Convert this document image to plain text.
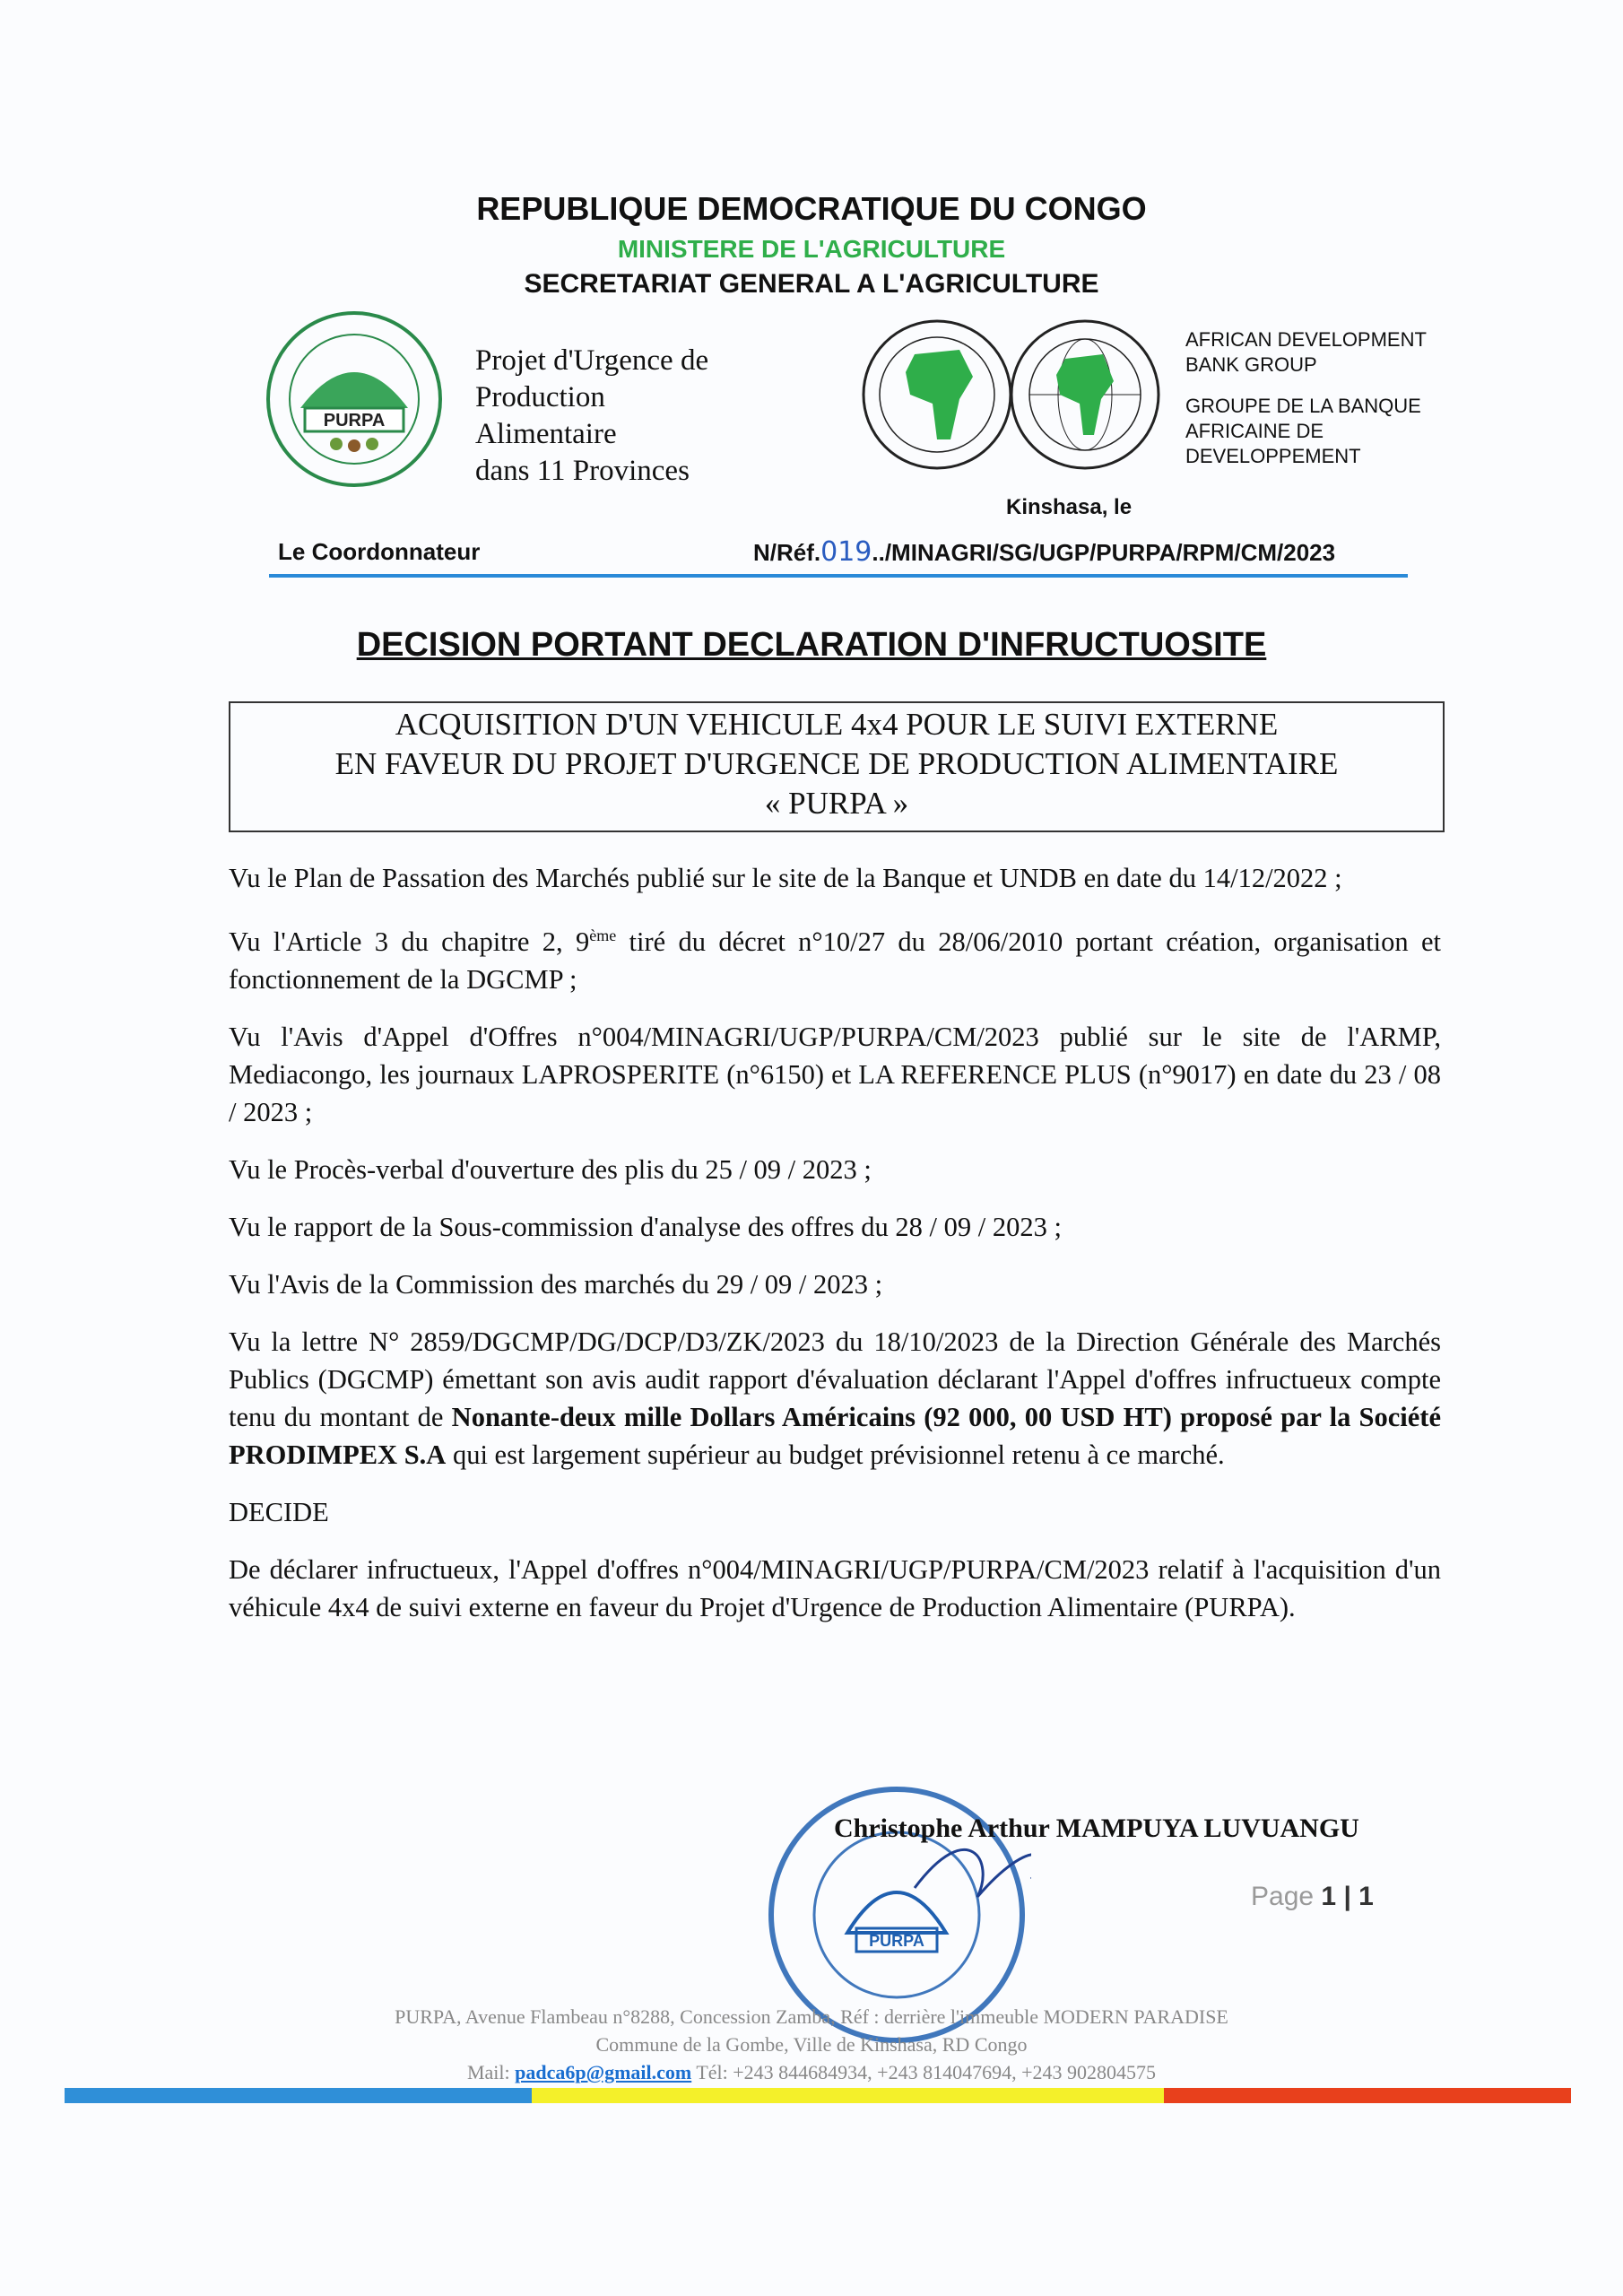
REPUBLIQUE DEMOCRATIQUE DU CONGO
MINISTERE DE L'AGRICULTURE
SECRETARIAT GENERAL A L'AGRICULTURE
PURPA
Projet d'Urgence de
Production
Alimentaire
dans 11 Provinces
AFRICAN DEVELOPMENT
BANK GROUP
GROUPE DE LA BANQUE
AFRICAINE DE
DEVELOPPEMENT
Kinshasa, le
Le Coordonnateur	N/Réf.019../MINAGRI/SG/UGP/PURPA/RPM/CM/2023
DECISION PORTANT DECLARATION D'INFRUCTUOSITE
ACQUISITION D'UN VEHICULE 4x4 POUR LE SUIVI EXTERNE
EN FAVEUR DU PROJET D'URGENCE DE PRODUCTION ALIMENTAIRE
« PURPA »

Vu le Plan de Passation des Marchés publié sur le site de la Banque et UNDB en date du 14/12/2022 ;

Vu l'Article 3 du chapitre 2, 9ème tiré du décret n°10/27 du 28/06/2010 portant création, organisation et fonctionnement de la DGCMP ;

Vu l'Avis d'Appel d'Offres n°004/MINAGRI/UGP/PURPA/CM/2023 publié sur le site de l'ARMP, Mediacongo, les journaux LAPROSPERITE (n°6150) et LA REFERENCE PLUS (n°9017) en date du 23 / 08 / 2023 ;

Vu le Procès-verbal d'ouverture des plis du 25 / 09 / 2023 ;

Vu le rapport de la Sous-commission d'analyse des offres du 28 / 09 / 2023 ;

Vu l'Avis de la Commission des marchés du 29 / 09 / 2023 ;

Vu la lettre N° 2859/DGCMP/DG/DCP/D3/ZK/2023 du 18/10/2023 de la Direction Générale des Marchés Publics (DGCMP) émettant son avis audit rapport d'évaluation déclarant l'Appel d'offres infructueux compte tenu du montant de Nonante-deux mille Dollars Américains (92 000, 00 USD HT) proposé par la Société PRODIMPEX S.A qui est largement supérieur au budget prévisionnel retenu à ce marché.

DECIDE

De déclarer infructueux, l'Appel d'offres n°004/MINAGRI/UGP/PURPA/CM/2023 relatif à l'acquisition d'un véhicule 4x4 de suivi externe en faveur du Projet d'Urgence de Production Alimentaire (PURPA).

PURPA
Christophe Arthur MAMPUYA LUVUANGU
Page 1 | 1
PURPA, Avenue Flambeau n°8288, Concession Zamba, Réf : derrière l'immeuble MODERN PARADISE
Commune de la Gombe, Ville de Kinshasa, RD Congo
Mail: padca6p@gmail.com Tél: +243 844684934, +243 814047694, +243 902804575
